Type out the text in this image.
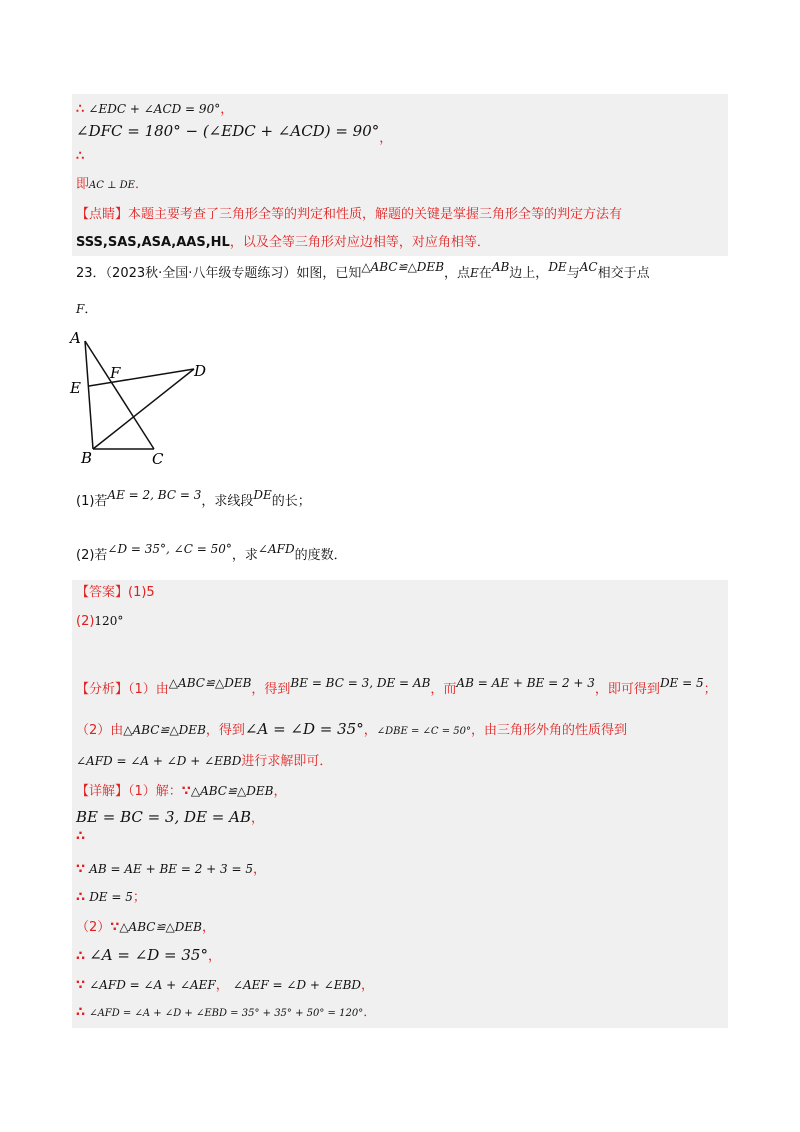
∴ ∠EDC + ∠ACD = 90°，
∠DFC = 180° − (∠EDC + ∠ACD) = 90°，
∴
即AC ⊥ DE．
【点睛】本题主要考查了三角形全等的判定和性质，解题的关键是掌握三角形全等的判定方法有
SSS,SAS,ASA,AAS,HL，以及全等三角形对应边相等，对应角相等．
23．（2023秋·全国·八年级专题练习）如图，已知△ABC≌△DEB，点E在AB边上，DE与AC相交于点
F．
A
E
F	D
B	C
(1)若AE = 2, BC = 3，求线段DE的长；
(2)若∠D = 35°, ∠C = 50°，求∠AFD的度数．
【答案】(1)5
(2)120°
【分析】（1）由△ABC≌△DEB，得到BE = BC = 3, DE = AB，而AB = AE + BE = 2 + 3，即可得到DE = 5；
（2）由△ABC≌△DEB，得到∠A = ∠D = 35°，∠DBE = ∠C = 50°，由三角形外角的性质得到
∠AFD = ∠A + ∠D + ∠EBD进行求解即可．
【详解】（1）解：∵△ABC≌△DEB，
BE = BC = 3, DE = AB，
∴
∵ AB = AE + BE = 2 + 3 = 5，
∴ DE = 5；
（2）∵△ABC≌△DEB，
∴ ∠A = ∠D = 35°，
∵ ∠AFD = ∠A + ∠AEF， ∠AEF = ∠D + ∠EBD，
∴ ∠AFD = ∠A + ∠D + ∠EBD = 35° + 35° + 50° = 120°．
